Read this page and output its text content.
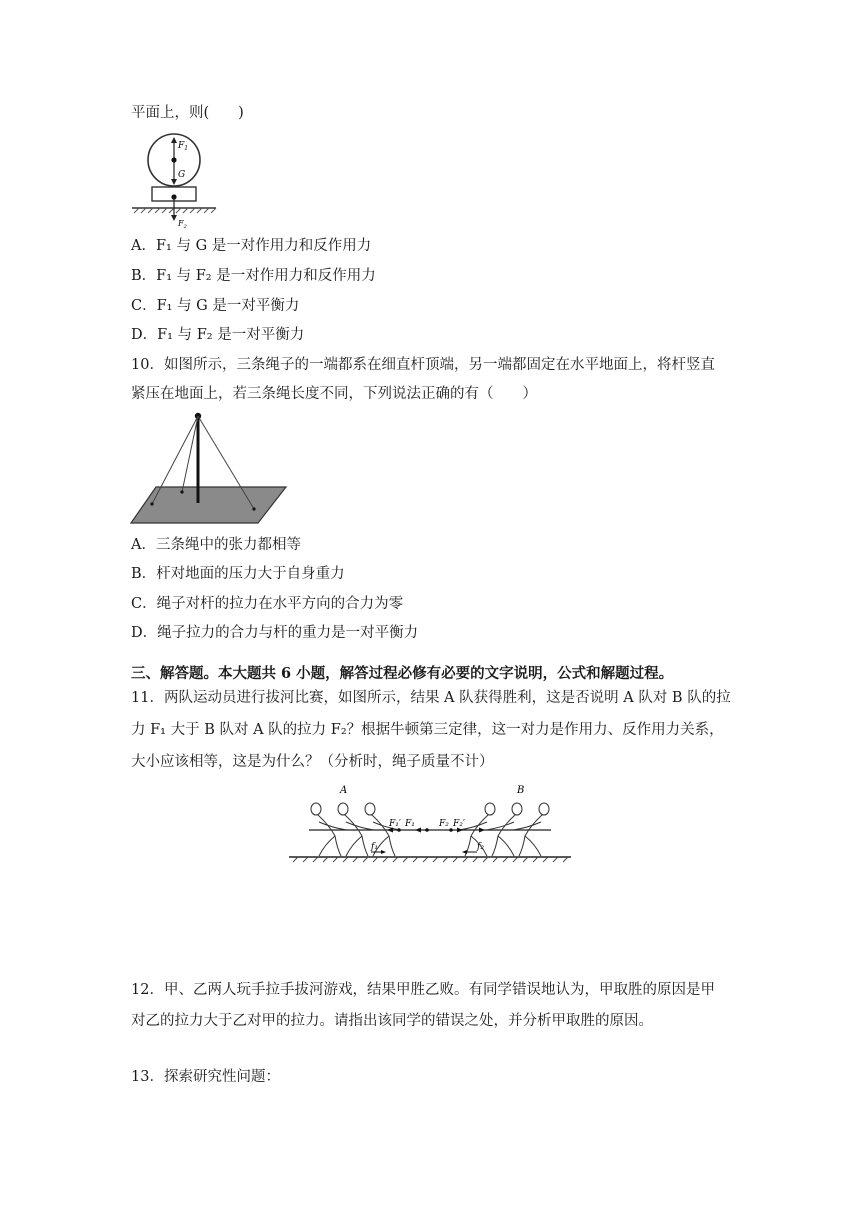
平面上，则(　　)
$F_1$
G
$F_2$
A．F₁ 与 G 是一对作用力和反作用力
B．F₁ 与 F₂ 是一对作用力和反作用力
C．F₁ 与 G 是一对平衡力
D．F₁ 与 F₂ 是一对平衡力
10．如图所示，三条绳子的一端都系在细直杆顶端，另一端都固定在水平地面上，将杆竖直
紧压在地面上，若三条绳长度不同，下列说法正确的有（　　）
A．三条绳中的张力都相等
B．杆对地面的压力大于自身重力
C．绳子对杆的拉力在水平方向的合力为零
D．绳子拉力的合力与杆的重力是一对平衡力
三、解答题。本大题共 6 小题，解答过程必修有必要的文字说明，公式和解题过程。
11．两队运动员进行拔河比赛，如图所示，结果 A 队获得胜利，这是否说明 A 队对 B 队的拉
力 F₁ 大于 B 队对 A 队的拉力 F₂？根据牛顿第三定律，这一对力是作用力、反作用力关系，
大小应该相等，这是为什么？（分析时，绳子质量不计）
A	B
F₁′ F₁	F₂ F₂′
f₁	f₂
12．甲、乙两人玩手拉手拔河游戏，结果甲胜乙败。有同学错误地认为，甲取胜的原因是甲
对乙的拉力大于乙对甲的拉力。请指出该同学的错误之处，并分析甲取胜的原因。
13．探索研究性问题：
